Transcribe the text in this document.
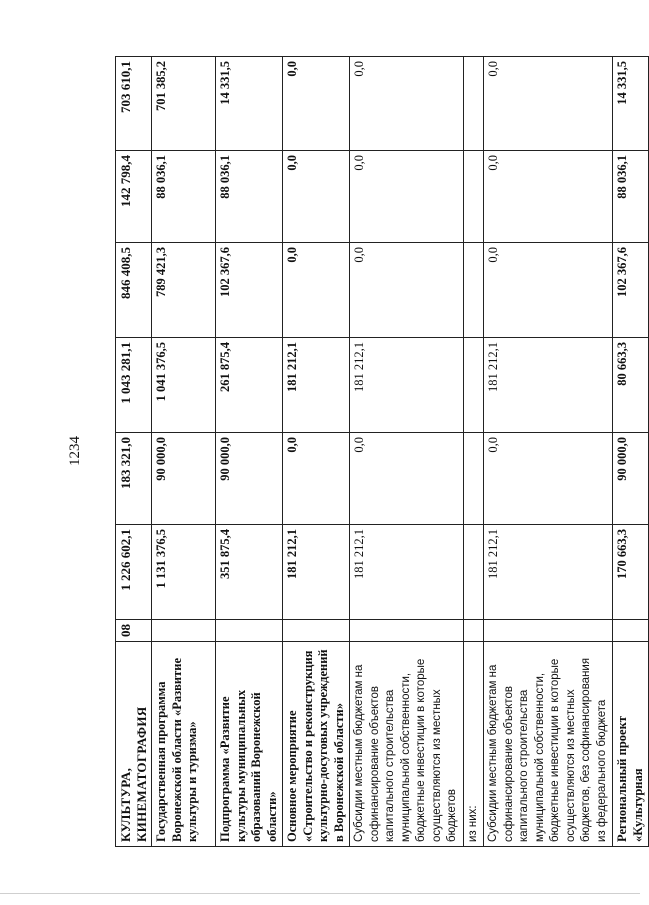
1234
КУЛЬТУРА, КИНЕМАТОГРАФИЯ	08	1 226 602,1	183 321,0	1 043 281,1	846 408,5	142 798,4	703 610,1
Государственная программа Воронежской области «Развитие культуры и туризма»		1 131 376,5	90 000,0	1 041 376,5	789 421,3	88 036,1	701 385,2
Подпрограмма «Развитие культуры муниципальных образований Воронежской области»		351 875,4	90 000,0	261 875,4	102 367,6	88 036,1	14 331,5
Основное мероприятие «Строительство и реконструкция культурно-досуговых учреждений в Воронежской области»		181 212,1	0,0	181 212,1	0,0	0,0	0,0
Субсидии местным бюджетам на софинансирование объектов капитального строительства муниципальной собственности, бюджетные инвестиции в которые осуществляются из местных бюджетов		181 212,1	0,0	181 212,1	0,0	0,0	0,0
из них:							
Субсидии местным бюджетам на софинансирование объектов капитального строительства муниципальной собственности, бюджетные инвестиции в которые осуществляются из местных бюджетов, без софинансирования из федерального бюджета		181 212,1	0,0	181 212,1	0,0	0,0	0,0
Региональный проект «Культурная		170 663,3	90 000,0	80 663,3	102 367,6	88 036,1	14 331,5
